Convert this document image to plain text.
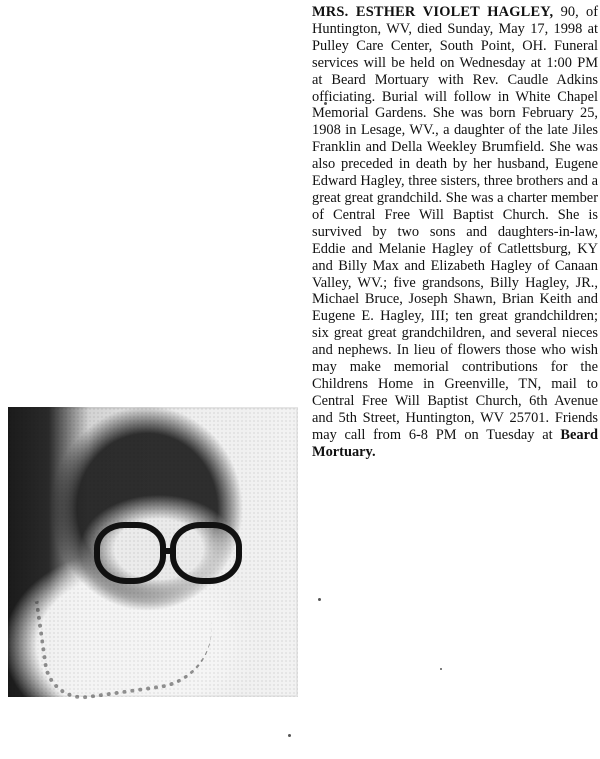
MRS. ESTHER VIOLET HAGLEY, 90, of Huntington, WV, died Sunday, May 17, 1998 at Pulley Care Center, South Point, OH. Funeral services will be held on Wednesday at 1:00 PM at Beard Mortuary with Rev. Caudle Adkins officiating. Burial will follow in White Chapel Memorial Gardens. She was born February 25, 1908 in Lesage, WV., a daughter of the late Jiles Franklin and Della Weekley Brumfield. She was also preceded in death by her husband, Eugene Edward Hagley, three sisters, three brothers and a great great grandchild. She was a charter member of Central Free Will Baptist Church. She is survived by two sons and daughters-in-law, Eddie and Melanie Hagley of Catlettsburg, KY and Billy Max and Elizabeth Hagley of Canaan Valley, WV.; five grandsons, Billy Hagley, JR., Michael Bruce, Joseph Shawn, Brian Keith and Eugene E. Hagley, III; ten great grandchildren; six great great grandchildren, and several nieces and nephews. In lieu of flowers those who wish may make memorial contributions for the Childrens Home in Greenville, TN, mail to Central Free Will Baptist Church, 6th Avenue and 5th Street, Huntington, WV 25701. Friends may call from 6-8 PM on Tuesday at Beard Mortuary.
